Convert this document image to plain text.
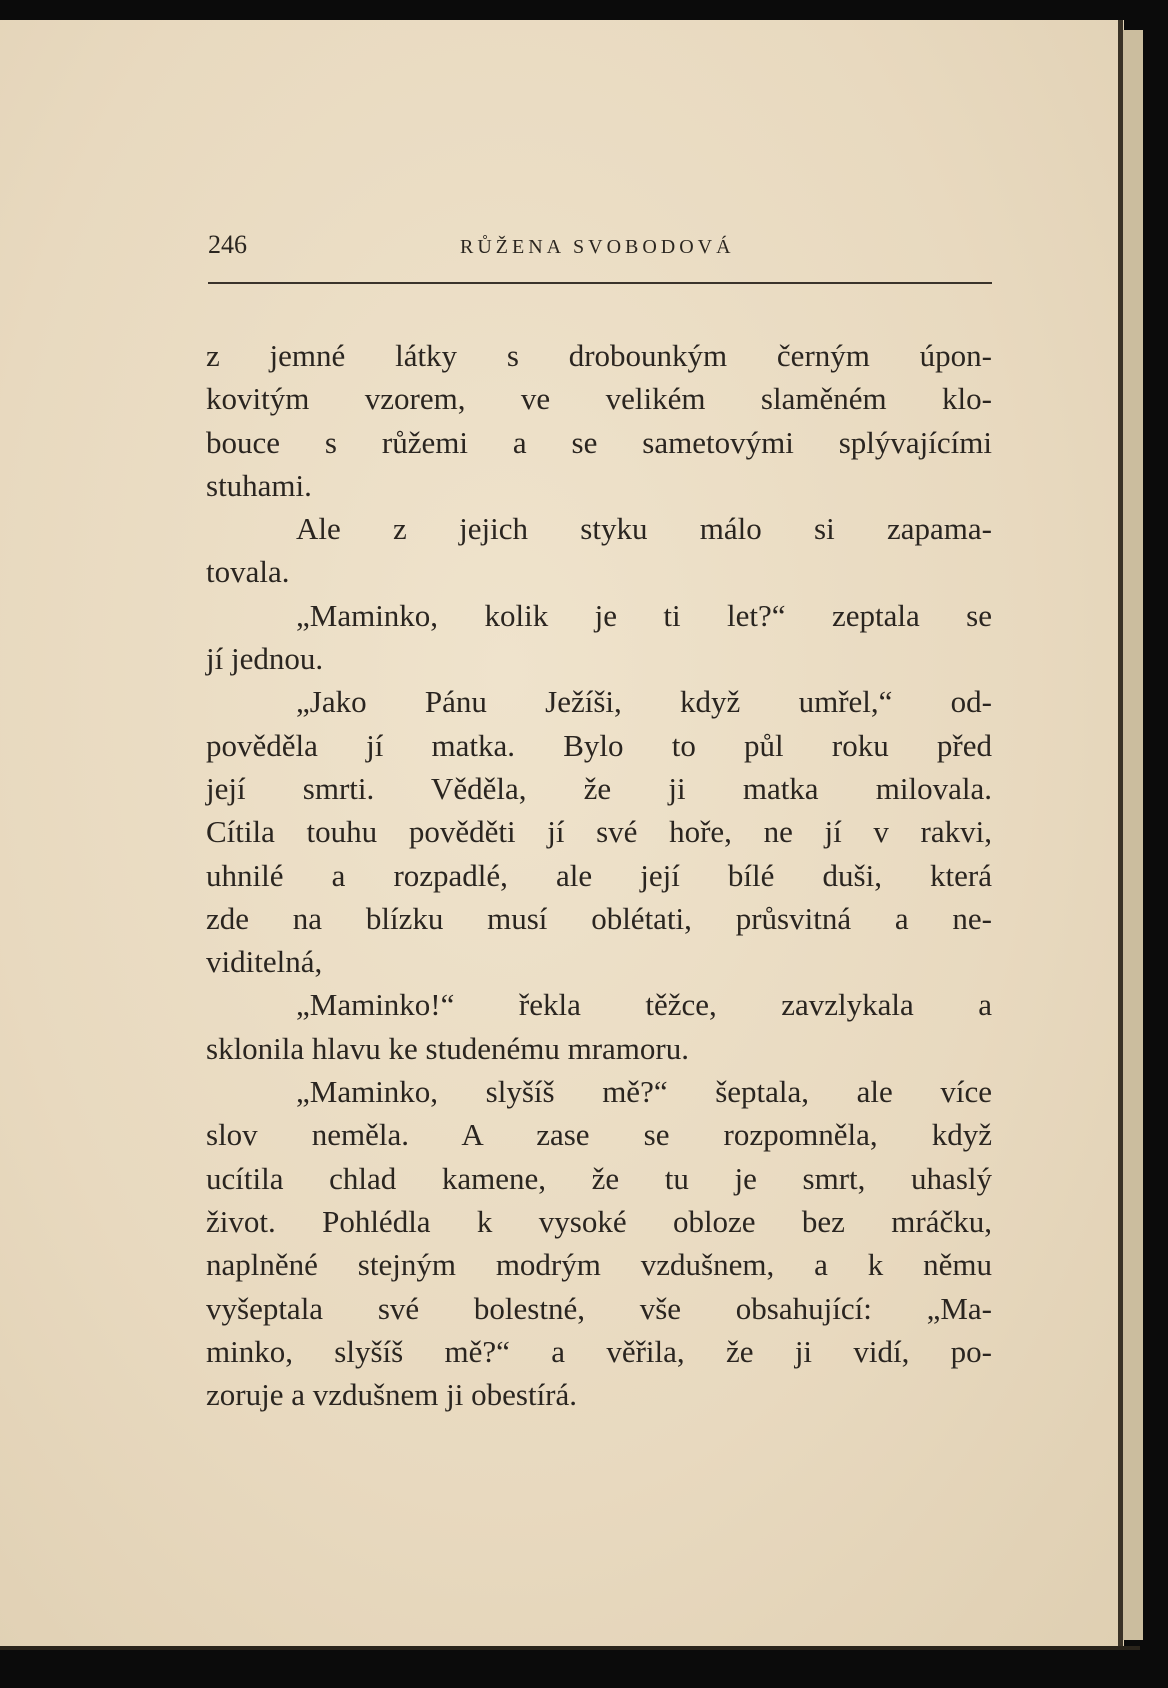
246	RŮŽENA SVOBODOVÁ
z jemné látky s drobounkým černým úpon-
kovitým vzorem, ve velikém slaměném klo-
bouce s růžemi a se sametovými splývajícími
stuhami.
Ale z jejich styku málo si zapama-
tovala.
„Maminko, kolik je ti let?“ zeptala se
jí jednou.
„Jako Pánu Ježíši, když umřel,“ od-
pověděla jí matka. Bylo to půl roku před
její smrti. Věděla, že ji matka milovala.
Cítila touhu pověděti jí své hoře, ne jí v rakvi,
uhnilé a rozpadlé, ale její bílé duši, která
zde na blízku musí oblétati, průsvitná a ne-
viditelná,
„Maminko!“ řekla těžce, zavzlykala a
sklonila hlavu ke studenému mramoru.
„Maminko, slyšíš mě?“ šeptala, ale více
slov neměla. A zase se rozpomněla, když
ucítila chlad kamene, že tu je smrt, uhaslý
život. Pohlédla k vysoké obloze bez mráčku,
naplněné stejným modrým vzdušnem, a k němu
vyšeptala své bolestné, vše obsahující: „Ma-
minko, slyšíš mě?“ a věřila, že ji vidí, po-
zoruje a vzdušnem ji obestírá.
